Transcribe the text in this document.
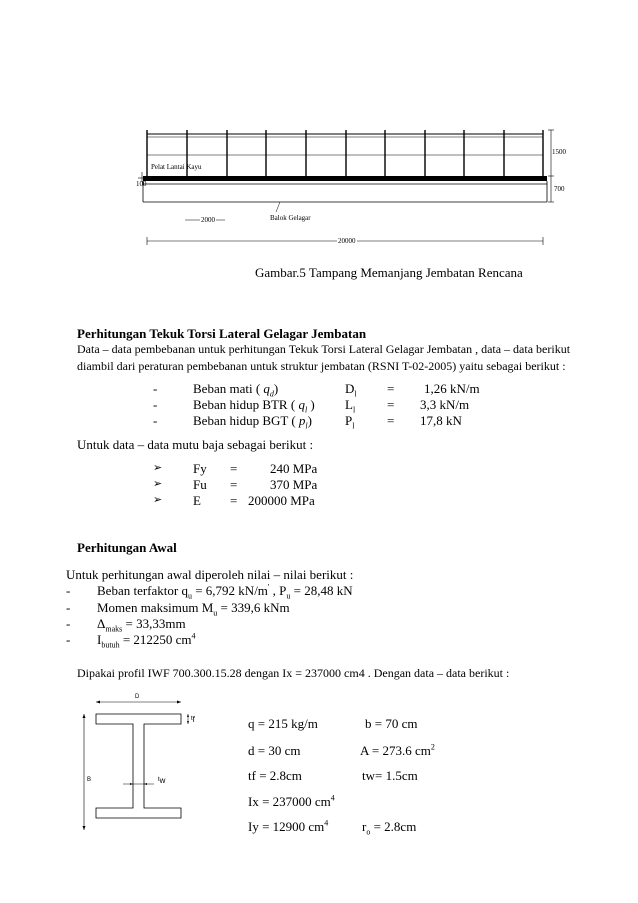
Pelat Lantai Kayu
Balok Gelagar
2000
20000
1500
700
100
Gambar.5 Tampang Memanjang Jembatan Rencana
Perhitungan Tekuk Torsi Lateral Gelagar Jembatan
Data – data pembebanan untuk perhitungan Tekuk Torsi Lateral Gelagar Jembatan , data – data berikut
diambil dari peraturan pembebanan untuk struktur jembatan (RSNI T-02-2005) yaitu sebagai berikut :
-	Beban mati ( $q_d$)	$D_l = 1,26$ kN/m
-	Beban hidup BTR ( $q_l$ ) $L_l = 3,3$ kN/m
-	Beban hidup BGT ( $p_l$)	$P_l$	= 17,8 kN
Untuk data – data mutu baja sebagai berikut :
➢ Fy =	240 MPa
➢ Fu =	370 MPa
➢ E = 200000 MPa
Perhitungan Awal
Untuk perhitungan awal diperoleh nilai – nilai berikut :
- Beban terfaktor $q_u = 6,792$ kN/m' , $P_u = 28,48$ kN
- Momen maksimum $M_u = 339,6$ kNm
- $\Delta_{maks} = 33,33mm$
- $I_{butuh} = 212250$ $cm^4$
Dipakai profil IWF 700.300.15.28 dengan Ix = 237000 cm4 . Dengan data – data berikut :
D
B
$t_f$
$t_w$
q = 215 kg/m	b = 70 cm
d = 30 cm	A = 273.6 $cm^2$
tf = 2.8cm	tw= 1.5cm
Ix = 237000 $cm^4$
Iy = 12900 $cm^4$	$r_o = 2.8cm$
